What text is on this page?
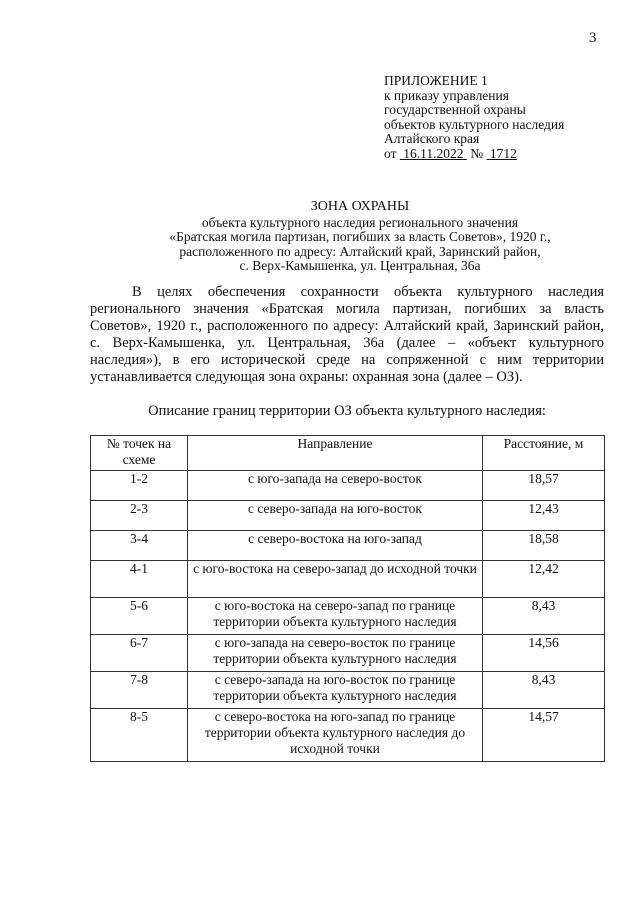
3
ПРИЛОЖЕНИЕ 1
к приказу управления
государственной охраны
объектов культурного наследия
Алтайского края
от 16.11.2022 № 1712
ЗОНА ОХРАНЫ
объекта культурного наследия регионального значения
«Братская могила партизан, погибших за власть Советов», 1920 г.,
расположенного по адресу: Алтайский край, Заринский район,
с. Верх-Камышенка, ул. Центральная, 36а
В целях обеспечения сохранности объекта культурного наследия регионального значения «Братская могила партизан, погибших за власть Советов», 1920 г., расположенного по адресу: Алтайский край, Заринский район, с. Верх-Камышенка, ул. Центральная, 36а (далее – «объект культурного наследия»), в его исторической среде на сопряженной с ним территории устанавливается следующая зона охраны: охранная зона (далее – ОЗ).
Описание границ территории ОЗ объекта культурного наследия:
№ точек на схеме	Направление	Расстояние, м
1-2	с юго-запада на северо-восток	18,57
2-3	с северо-запада на юго-восток	12,43
3-4	с северо-востока на юго-запад	18,58
4-1	с юго-востока на северо-запад до исходной точки	12,42
5-6	с юго-востока на северо-запад по границе территории объекта культурного наследия	8,43
6-7	с юго-запада на северо-восток по границе территории объекта культурного наследия	14,56
7-8	с северо-запада на юго-восток по границе территории объекта культурного наследия	8,43
8-5	с северо-востока на юго-запад по границе территории объекта культурного наследия до исходной точки	14,57
